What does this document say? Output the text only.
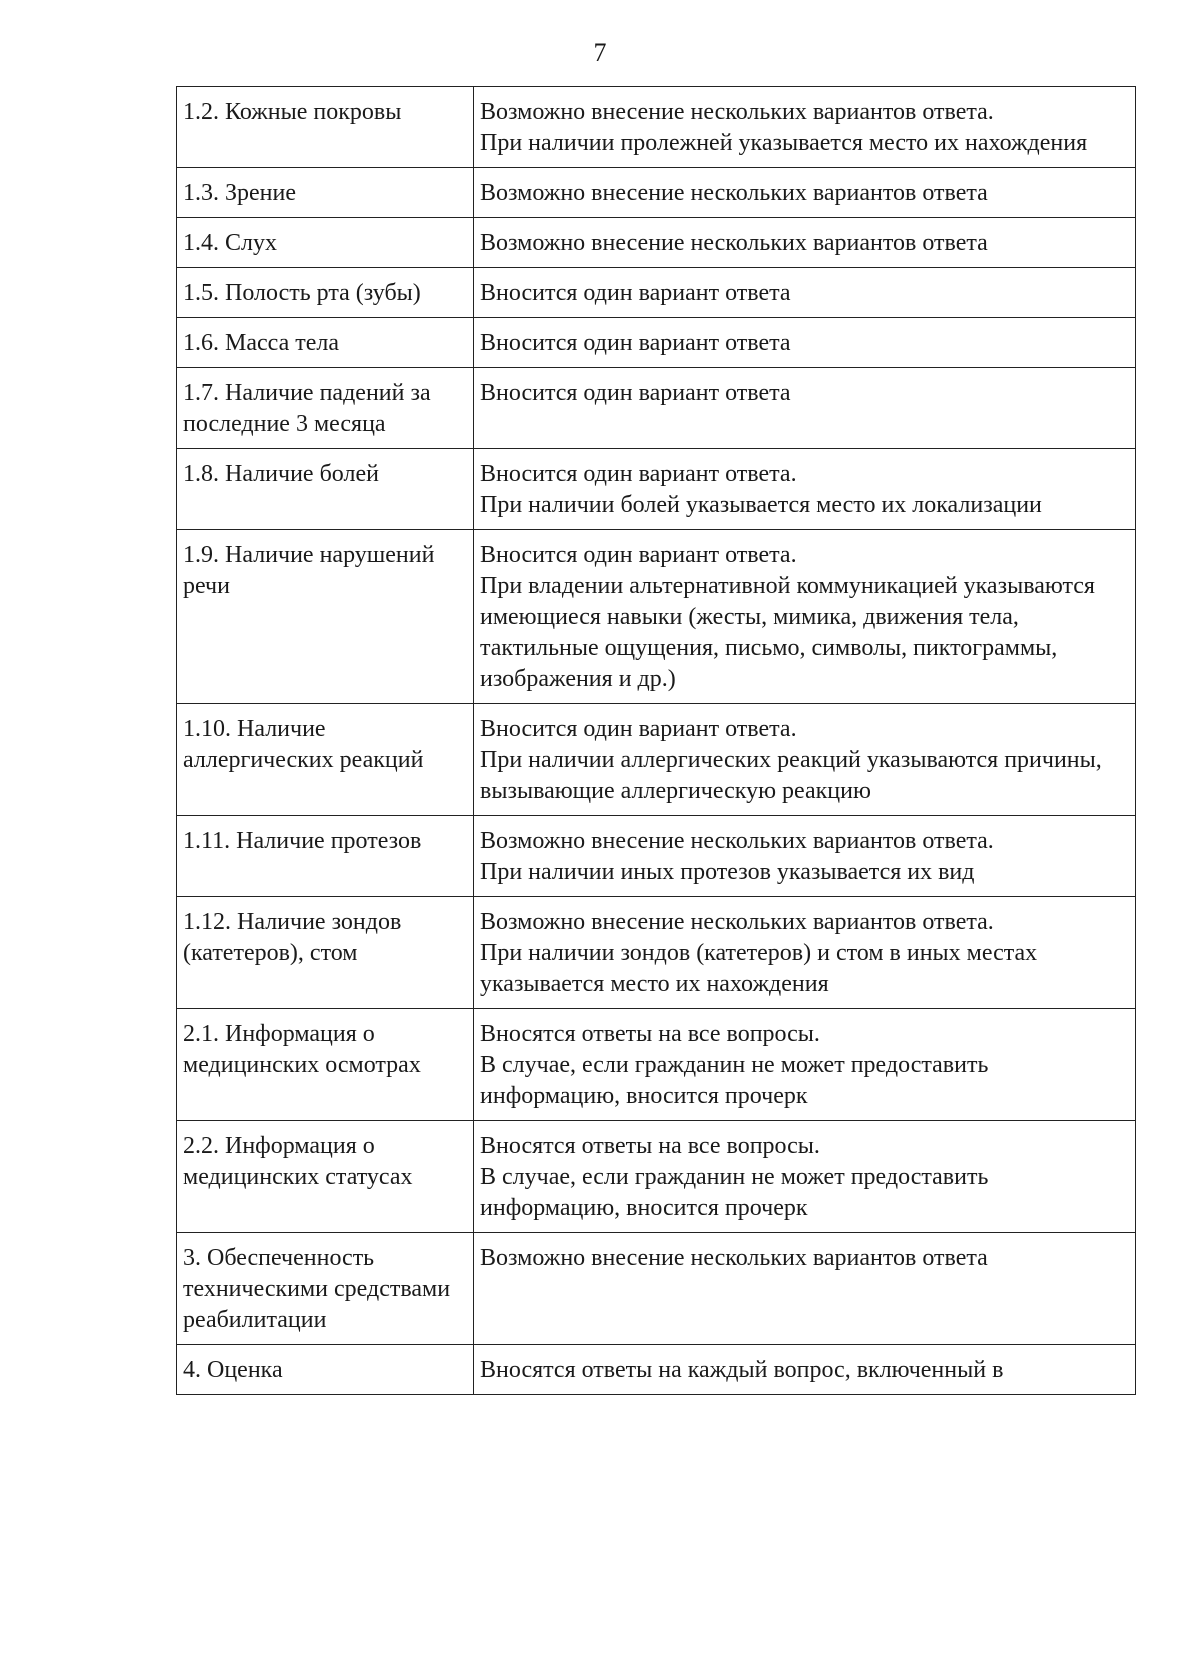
7
1.2. Кожные покровы	Возможно внесение нескольких вариантов ответа.
При наличии пролежней указывается место их нахождения

1.3. Зрение	Возможно внесение нескольких вариантов ответа

1.4. Слух	Возможно внесение нескольких вариантов ответа

1.5. Полость рта (зубы)	Вносится один вариант ответа

1.6. Масса тела	Вносится один вариант ответа

1.7. Наличие падений за последние 3 месяца	Вносится один вариант ответа

1.8. Наличие болей	Вносится один вариант ответа.
При наличии болей указывается место их локализации

1.9. Наличие нарушений речи	Вносится один вариант ответа.
При владении альтернативной коммуникацией указываются имеющиеся навыки (жесты, мимика, движения тела, тактильные ощущения, письмо, символы, пиктограммы, изображения и др.)

1.10. Наличие аллергических реакций	Вносится один вариант ответа.
При наличии аллергических реакций указываются причины, вызывающие аллергическую реакцию

1.11. Наличие протезов	Возможно внесение нескольких вариантов ответа.
При наличии иных протезов указывается их вид

1.12. Наличие зондов (катетеров), стом	Возможно внесение нескольких вариантов ответа.
При наличии зондов (катетеров) и стом в иных местах указывается место их нахождения

2.1. Информация о медицинских осмотрах	Вносятся ответы на все вопросы.
В случае, если гражданин не может предоставить информацию, вносится прочерк

2.2. Информация о медицинских статусах	Вносятся ответы на все вопросы.
В случае, если гражданин не может предоставить информацию, вносится прочерк

3. Обеспеченность техническими средствами реабилитации	Возможно внесение нескольких вариантов ответа

4. Оценка	Вносятся ответы на каждый вопрос, включенный в
